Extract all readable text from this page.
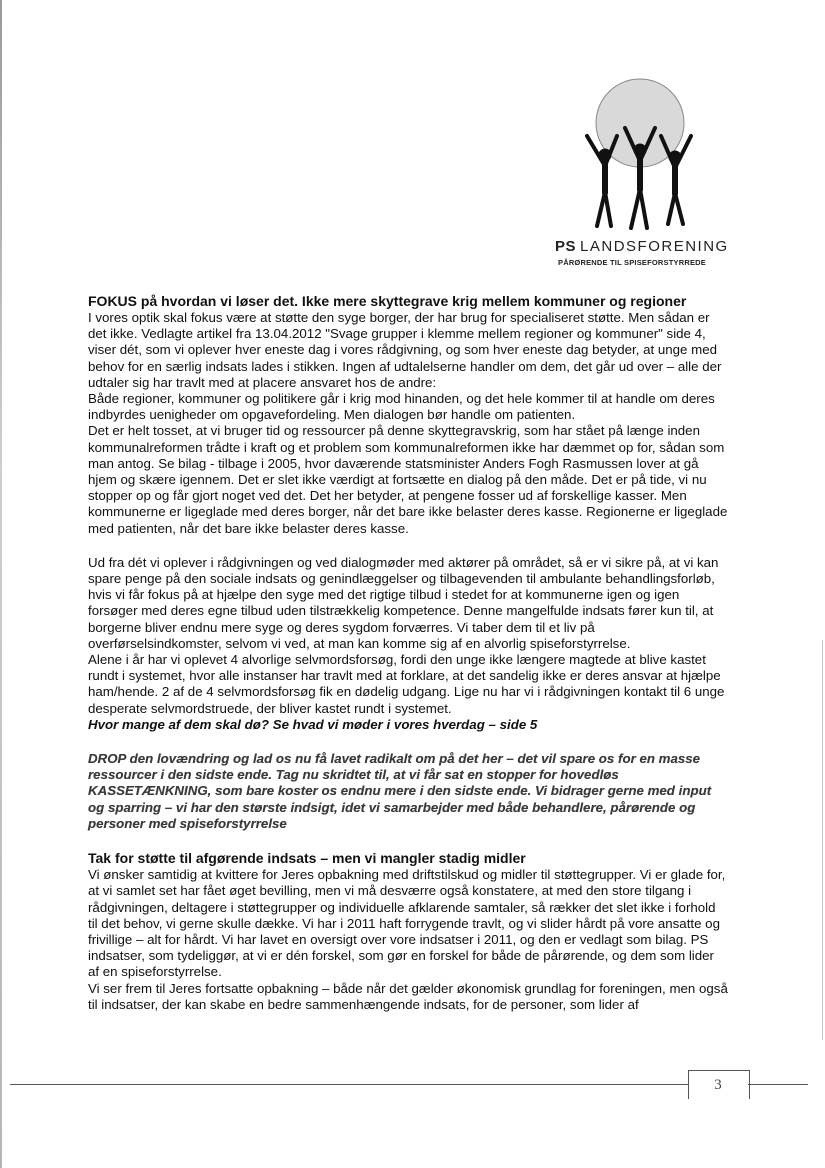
PS LANDSFORENING
PÅRØRENDE TIL SPISEFORSTYRREDE
FOKUS på hvordan vi løser det. Ikke mere skyttegrave krig mellem kommuner og regioner

I vores optik skal fokus være at støtte den syge borger, der har brug for specialiseret støtte. Men sådan er det ikke. Vedlagte artikel fra 13.04.2012 "Svage grupper i klemme mellem regioner og kommuner" side 4, viser dét, som vi oplever hver eneste dag i vores rådgivning, og som hver eneste dag betyder, at unge med behov for en særlig indsats lades i stikken. Ingen af udtalelserne handler om dem, det går ud over – alle der udtaler sig har travlt med at placere ansvaret hos de andre:

Både regioner, kommuner og politikere går i krig mod hinanden, og det hele kommer til at handle om deres indbyrdes uenigheder om opgavefordeling. Men dialogen bør handle om patienten.

Det er helt tosset, at vi bruger tid og ressourcer på denne skyttegravskrig, som har stået på længe inden kommunalreformen trådte i kraft og et problem som kommunalreformen ikke har dæmmet op for, sådan som man antog. Se bilag - tilbage i 2005, hvor daværende statsminister Anders Fogh Rasmussen lover at gå hjem og skære igennem. Det er slet ikke værdigt at fortsætte en dialog på den måde. Det er på tide, vi nu stopper op og får gjort noget ved det. Det her betyder, at pengene fosser ud af forskellige kasser. Men kommunerne er ligeglade med deres borger, når det bare ikke belaster deres kasse. Regionerne er ligeglade med patienten, når det bare ikke belaster deres kasse.

Ud fra dét vi oplever i rådgivningen og ved dialogmøder med aktører på området, så er vi sikre på, at vi kan spare penge på den sociale indsats og genindlæggelser og tilbagevenden til ambulante behandlingsforløb, hvis vi får fokus på at hjælpe den syge med det rigtige tilbud i stedet for at kommunerne igen og igen forsøger med deres egne tilbud uden tilstrækkelig kompetence. Denne mangelfulde indsats fører kun til, at borgerne bliver endnu mere syge og deres sygdom forværres. Vi taber dem til et liv på overførselsindkomster, selvom vi ved, at man kan komme sig af en alvorlig spiseforstyrrelse.

Alene i år har vi oplevet 4 alvorlige selvmordsforsøg, fordi den unge ikke længere magtede at blive kastet rundt i systemet, hvor alle instanser har travlt med at forklare, at det sandelig ikke er deres ansvar at hjælpe ham/hende. 2 af de 4 selvmordsforsøg fik en dødelig udgang. Lige nu har vi i rådgivningen kontakt til 6 unge desperate selvmordstruede, der bliver kastet rundt i systemet.

Hvor mange af dem skal dø? Se hvad vi møder i vores hverdag – side 5

DROP den lovændring og lad os nu få lavet radikalt om på det her – det vil spare os for en masse ressourcer i den sidste ende. Tag nu skridtet til, at vi får sat en stopper for hovedløs KASSETÆNKNING, som bare koster os endnu mere i den sidste ende. Vi bidrager gerne med input og sparring – vi har den største indsigt, idet vi samarbejder med både behandlere, pårørende og personer med spiseforstyrrelse

Tak for støtte til afgørende indsats – men vi mangler stadig midler

Vi ønsker samtidig at kvittere for Jeres opbakning med driftstilskud og midler til støttegrupper. Vi er glade for, at vi samlet set har fået øget bevilling, men vi må desværre også konstatere, at med den store tilgang i rådgivningen, deltagere i støttegrupper og individuelle afklarende samtaler, så rækker det slet ikke i forhold til det behov, vi gerne skulle dække. Vi har i 2011 haft forrygende travlt, og vi slider hårdt på vore ansatte og frivillige – alt for hårdt. Vi har lavet en oversigt over vore indsatser i 2011, og den er vedlagt som bilag. PS indsatser, som tydeliggør, at vi er dén forskel, som gør en forskel for både de pårørende, og dem som lider af en spiseforstyrrelse.

Vi ser frem til Jeres fortsatte opbakning – både når det gælder økonomisk grundlag for foreningen, men også til indsatser, der kan skabe en bedre sammenhængende indsats, for de personer, som lider af

3
